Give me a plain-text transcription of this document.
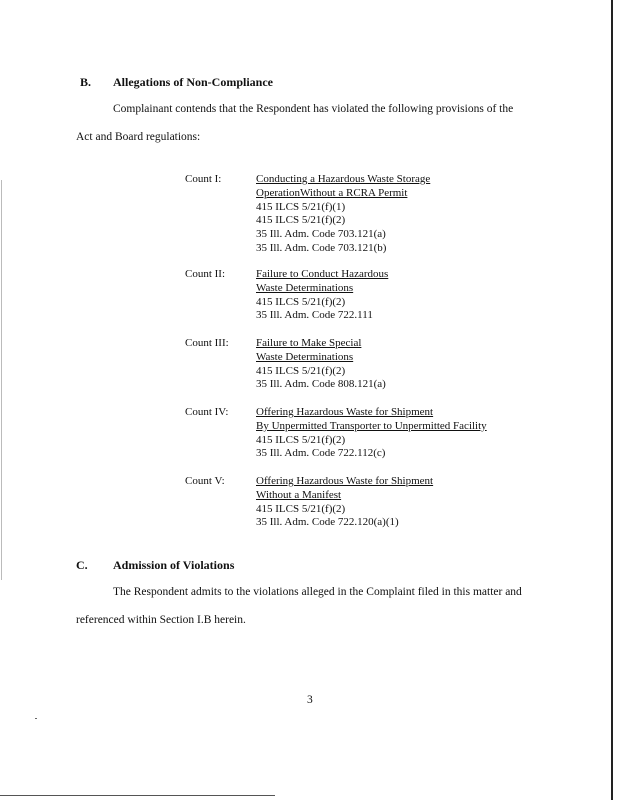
B. Allegations of Non-Compliance
Complainant contends that the Respondent has violated the following provisions of the
Act and Board regulations:
Count I:	Conducting a Hazardous Waste Storage
OperationWithout a RCRA Permit
415 ILCS 5/21(f)(1)
415 ILCS 5/21(f)(2)
35 Ill. Adm. Code 703.121(a)
35 Ill. Adm. Code 703.121(b)
Count II:	Failure to Conduct Hazardous
Waste Determinations
415 ILCS 5/21(f)(2)
35 Ill. Adm. Code 722.111
Count III: Failure to Make Special
Waste Determinations
415 ILCS 5/21(f)(2)
35 Ill. Adm. Code 808.121(a)
Count IV:	Offering Hazardous Waste for Shipment
By Unpermitted Transporter to Unpermitted Facility
415 ILCS 5/21(f)(2)
35 Ill. Adm. Code 722.112(c)
Count V:	Offering Hazardous Waste for Shipment
Without a Manifest
415 ILCS 5/21(f)(2)
35 Ill. Adm. Code 722.120(a)(1)
C. Admission of Violations
The Respondent admits to the violations alleged in the Complaint filed in this matter and
referenced within Section I.B herein.
3
